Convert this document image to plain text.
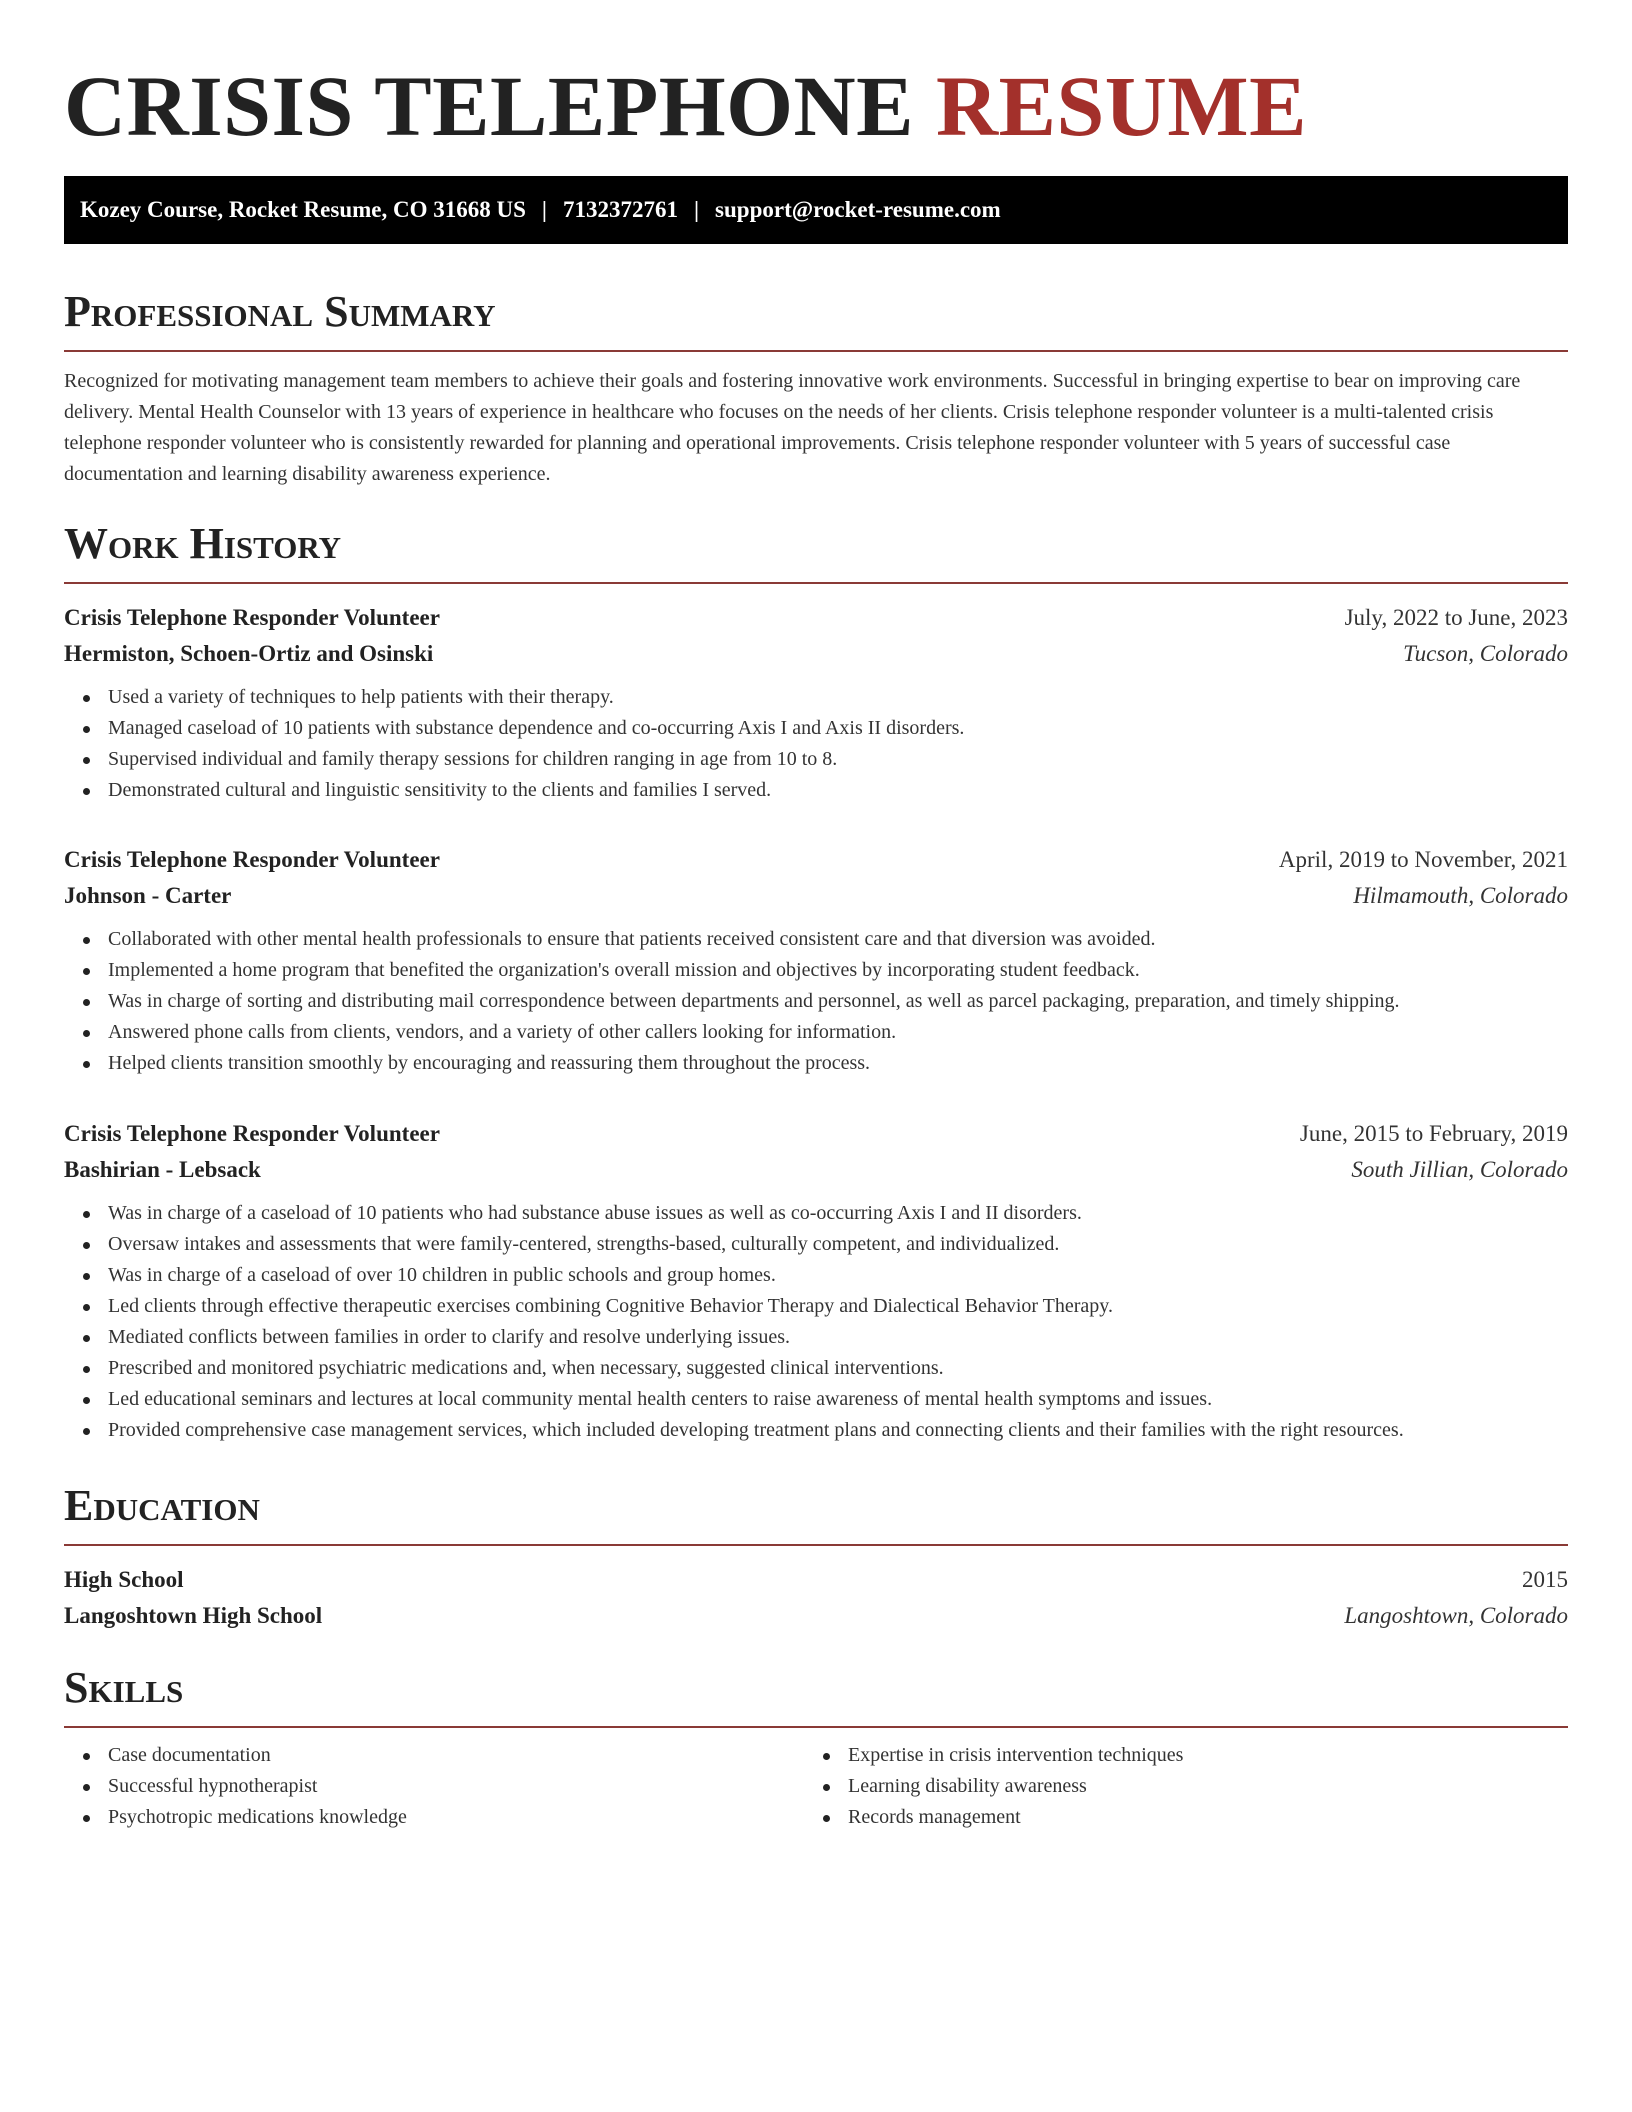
CRISIS TELEPHONE RESUME
Kozey Course, Rocket Resume, CO 31668 US | 7132372761 | support@rocket-resume.com
Professional Summary

Recognized for motivating management team members to achieve their goals and fostering innovative work environments. Successful in bringing expertise to bear on improving care delivery. Mental Health Counselor with 13 years of experience in healthcare who focuses on the needs of her clients. Crisis telephone responder volunteer is a multi-talented crisis telephone responder volunteer who is consistently rewarded for planning and operational improvements. Crisis telephone responder volunteer with 5 years of successful case documentation and learning disability awareness experience.

Work History
Crisis Telephone Responder Volunteer	July, 2022 to June, 2023
Hermiston, Schoen-Ortiz and Osinski	Tucson, Colorado
Used a variety of techniques to help patients with their therapy.
Managed caseload of 10 patients with substance dependence and co-occurring Axis I and Axis II disorders.
Supervised individual and family therapy sessions for children ranging in age from 10 to 8.
Demonstrated cultural and linguistic sensitivity to the clients and families I served.
Crisis Telephone Responder Volunteer	April, 2019 to November, 2021
Johnson - Carter	Hilmamouth, Colorado
Collaborated with other mental health professionals to ensure that patients received consistent care and that diversion was avoided.
Implemented a home program that benefited the organization's overall mission and objectives by incorporating student feedback.
Was in charge of sorting and distributing mail correspondence between departments and personnel, as well as parcel packaging, preparation, and timely shipping.
Answered phone calls from clients, vendors, and a variety of other callers looking for information.
Helped clients transition smoothly by encouraging and reassuring them throughout the process.
Crisis Telephone Responder Volunteer	June, 2015 to February, 2019
Bashirian - Lebsack	South Jillian, Colorado
Was in charge of a caseload of 10 patients who had substance abuse issues as well as co-occurring Axis I and II disorders.
Oversaw intakes and assessments that were family-centered, strengths-based, culturally competent, and individualized.
Was in charge of a caseload of over 10 children in public schools and group homes.
Led clients through effective therapeutic exercises combining Cognitive Behavior Therapy and Dialectical Behavior Therapy.
Mediated conflicts between families in order to clarify and resolve underlying issues.
Prescribed and monitored psychiatric medications and, when necessary, suggested clinical interventions.
Led educational seminars and lectures at local community mental health centers to raise awareness of mental health symptoms and issues.
Provided comprehensive case management services, which included developing treatment plans and connecting clients and their families with the right resources.
Education
High School	2015
Langoshtown High School	Langoshtown, Colorado
Skills
Case documentation
Successful hypnotherapist
Psychotropic medications knowledge
Expertise in crisis intervention techniques
Learning disability awareness
Records management
